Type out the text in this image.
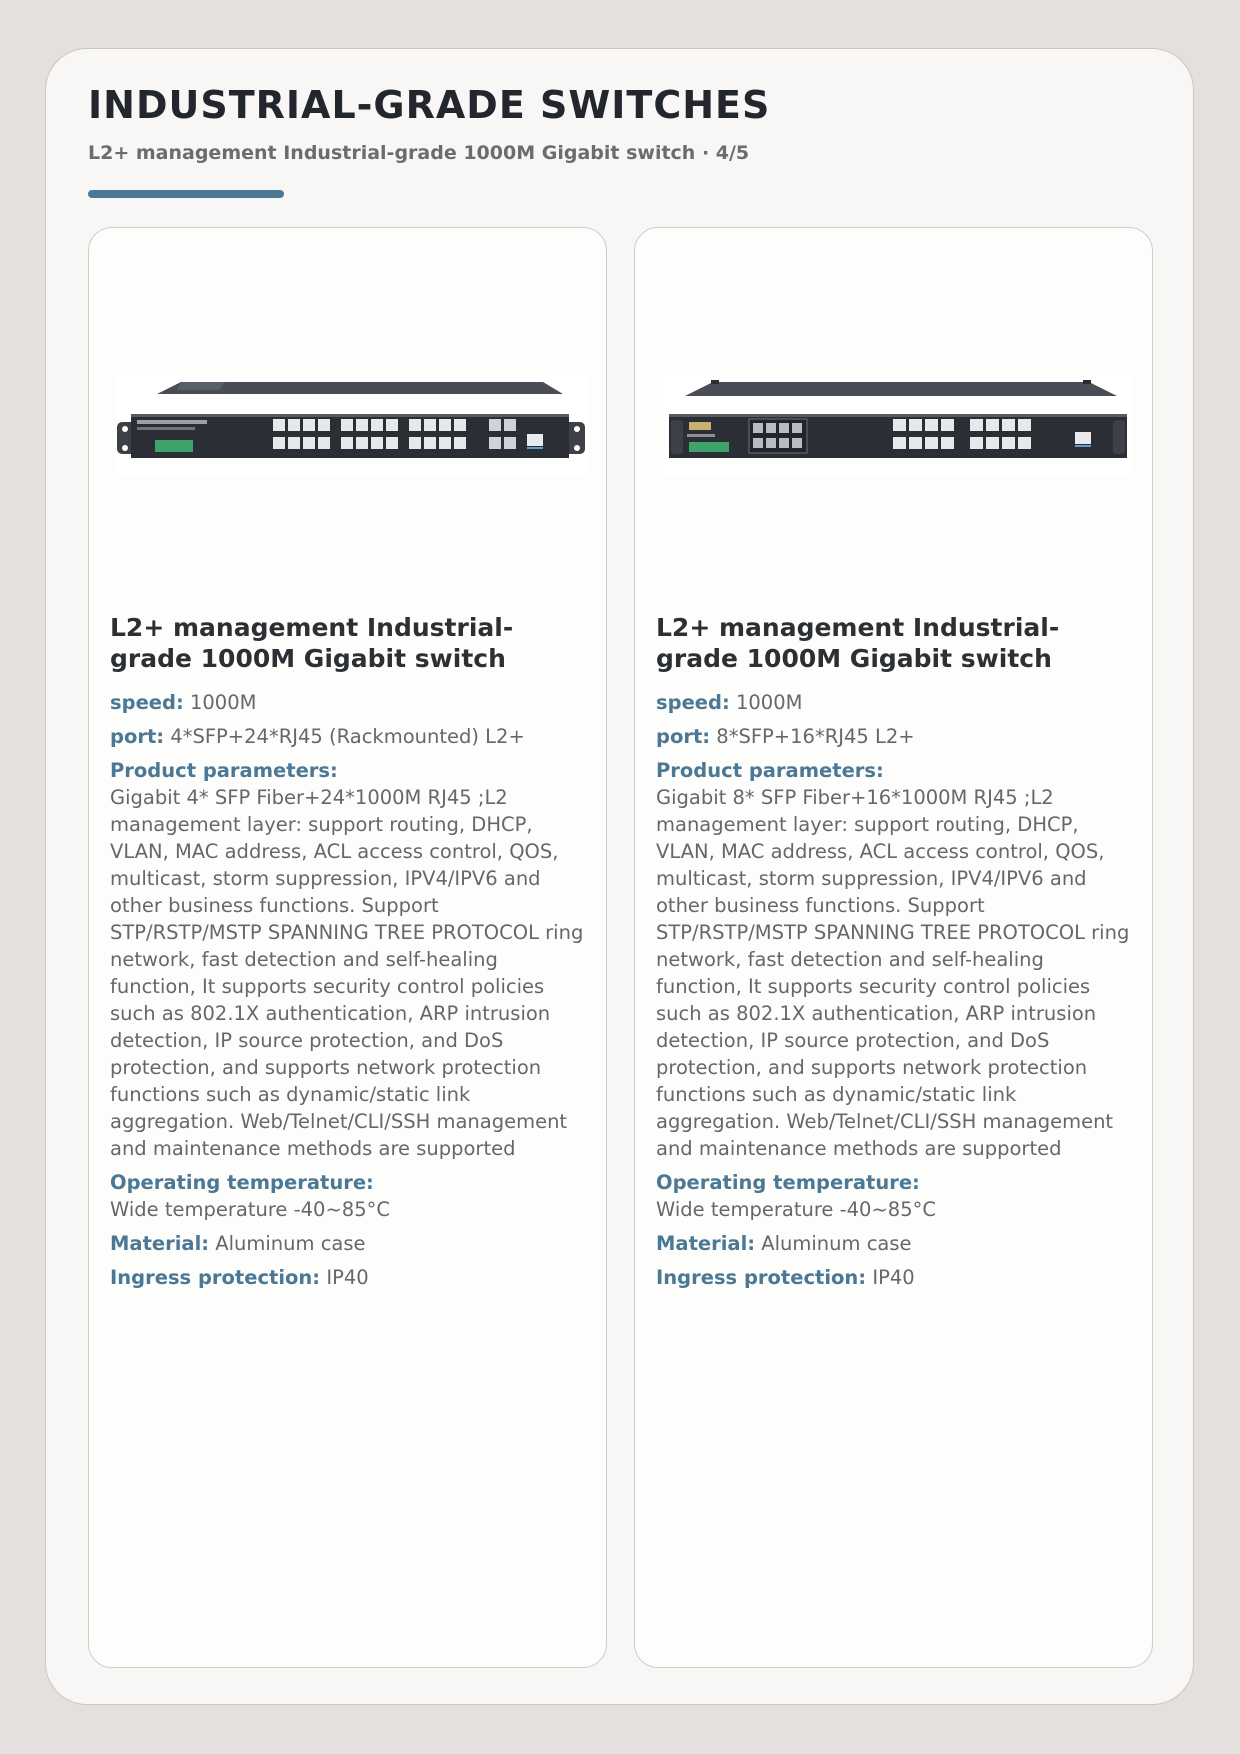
INDUSTRIAL-GRADE SWITCHES
L2+ management Industrial-grade 1000M Gigabit switch · 4/5
L2+ management Industrial-grade 1000M Gigabit switch
speed: 1000M
port: 4*SFP+24*RJ45 (Rackmounted) L2+
Product parameters:
Gigabit 4* SFP Fiber+24*1000M RJ45 ;L2 management layer: support routing, DHCP, VLAN, MAC address, ACL access control, QOS, multicast, storm suppression, IPV4/IPV6 and other business functions. Support STP/RSTP/MSTP SPANNING TREE PROTOCOL ring network, fast detection and self-healing function, It supports security control policies such as 802.1X authentication, ARP intrusion detection, IP source protection, and DoS protection, and supports network protection functions such as dynamic/static link aggregation. Web/Telnet/CLI/SSH management and maintenance methods are supported
Operating temperature:
Wide temperature -40~85°C
Material: Aluminum case
Ingress protection: IP40
L2+ management Industrial-grade 1000M Gigabit switch
speed: 1000M
port: 8*SFP+16*RJ45 L2+
Product parameters:
Gigabit 8* SFP Fiber+16*1000M RJ45 ;L2 management layer: support routing, DHCP, VLAN, MAC address, ACL access control, QOS, multicast, storm suppression, IPV4/IPV6 and other business functions. Support STP/RSTP/MSTP SPANNING TREE PROTOCOL ring network, fast detection and self-healing function, It supports security control policies such as 802.1X authentication, ARP intrusion detection, IP source protection, and DoS protection, and supports network protection functions such as dynamic/static link aggregation. Web/Telnet/CLI/SSH management and maintenance methods are supported
Operating temperature:
Wide temperature -40~85°C
Material: Aluminum case
Ingress protection: IP40
